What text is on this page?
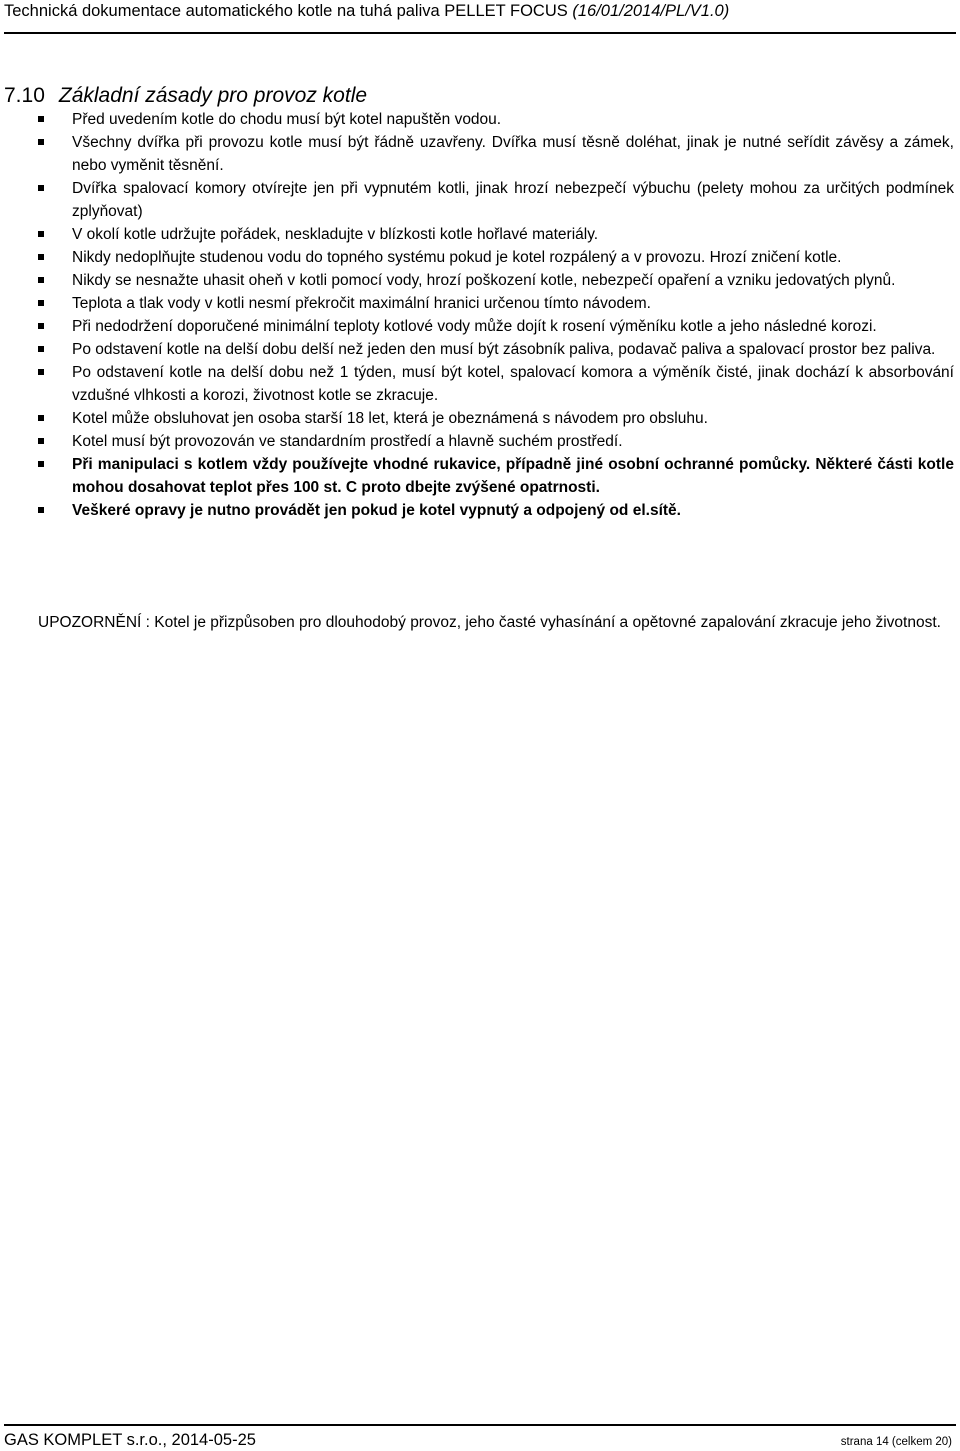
Technická dokumentace automatického kotle na tuhá paliva PELLET FOCUS (16/01/2014/PL/V1.0)
7.10 Základní zásady pro provoz kotle
Před uvedením kotle do chodu musí být kotel napuštěn vodou.
Všechny dvířka při provozu kotle musí být řádně uzavřeny. Dvířka musí těsně doléhat, jinak je nutné seřídit závěsy a zámek, nebo vyměnit těsnění.
Dvířka spalovací komory otvírejte jen při vypnutém kotli, jinak hrozí nebezpečí výbuchu (pelety mohou za určitých podmínek zplyňovat)
V okolí kotle udržujte pořádek, neskladujte v blízkosti kotle hořlavé materiály.
Nikdy nedoplňujte studenou vodu do topného systému pokud je kotel rozpálený a v provozu. Hrozí zničení kotle.
Nikdy se nesnažte uhasit oheň v kotli pomocí vody, hrozí poškození kotle, nebezpečí opaření a vzniku jedovatých plynů.
Teplota a tlak vody v kotli nesmí překročit maximální hranici určenou tímto návodem.
Při nedodržení doporučené minimální teploty kotlové vody může dojít k rosení výměníku kotle a jeho následné korozi.
Po odstavení kotle na delší dobu delší než jeden den musí být zásobník paliva, podavač paliva a spalovací prostor bez paliva.
Po odstavení kotle na delší dobu než 1 týden, musí být kotel, spalovací komora a výměník čisté, jinak dochází k absorbování vzdušné vlhkosti a korozi, životnost kotle se zkracuje.
Kotel může obsluhovat jen osoba starší 18 let, která je obeznámená s návodem pro obsluhu.
Kotel musí být provozován ve standardním prostředí a hlavně suchém prostředí.
Při manipulaci s kotlem vždy používejte vhodné rukavice, případně jiné osobní ochranné pomůcky. Některé části kotle mohou dosahovat teplot přes 100 st. C proto dbejte zvýšené opatrnosti.
Veškeré opravy je nutno provádět jen pokud je kotel vypnutý a odpojený od el.sítě.
UPOZORNĚNÍ : Kotel je přizpůsoben pro dlouhodobý provoz, jeho časté vyhasínání a opětovné zapalování zkracuje jeho životnost.
GAS KOMPLET s.r.o., 2014-05-25	strana 14 (celkem 20)
